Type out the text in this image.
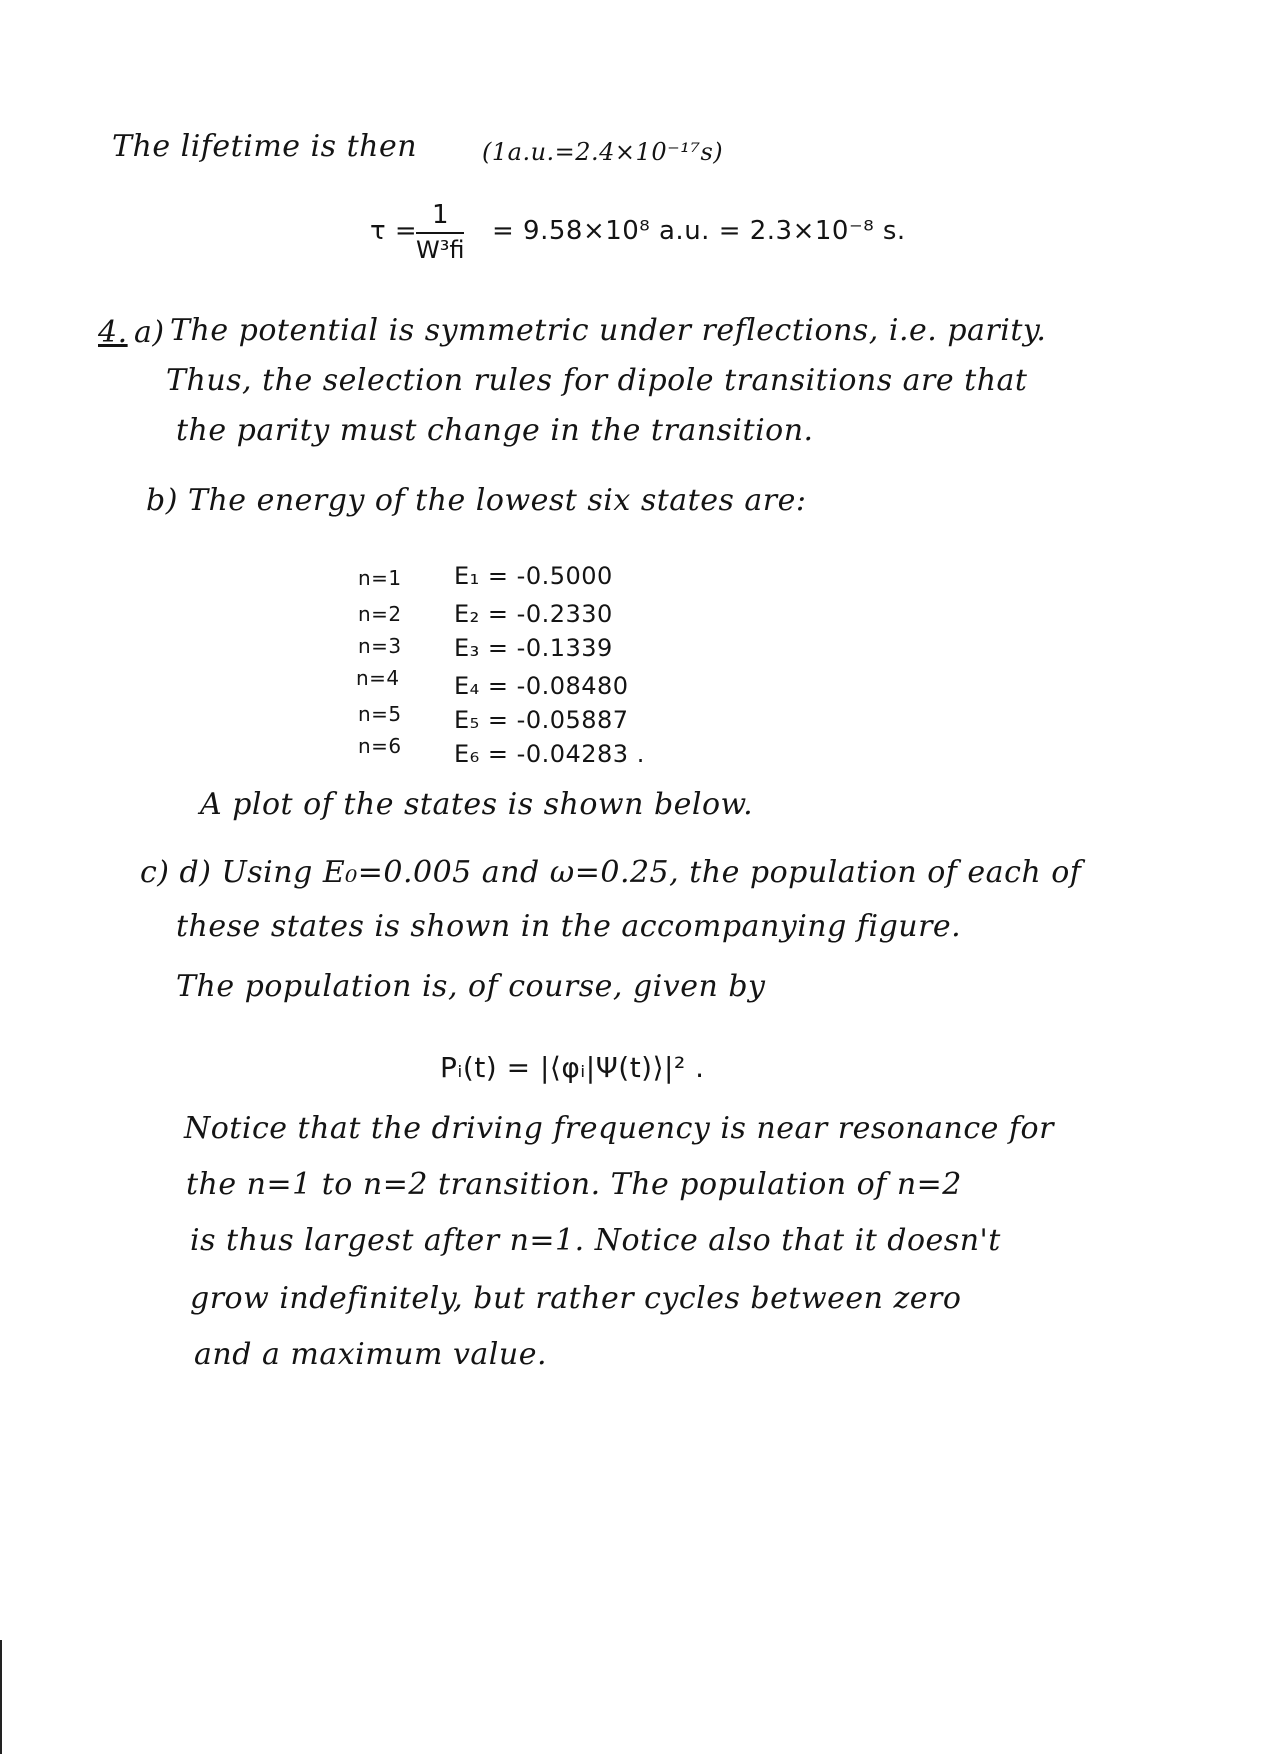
The lifetime is then	(1a.u.=2.4×10⁻¹⁷s)
τ =
$\frac{1}{\text{W³fi}} = 9.58\times 10^8$ a.u. = 2.3×10⁻⁸ s.
4. a) The potential is symmetric under reflections, i.e. parity.
Thus, the selection rules for dipole transitions are that
the parity must change in the transition.
b) The energy of the lowest six states are:
n=1 E₁ = -0.5000
n=2 E₂ = -0.2330
n=3 E₃ = -0.1339
n=4 E₄ = -0.08480
n=5 E₅ = -0.05887
n=6 E₆ = -0.04283 .
A plot of the states is shown below.
c) d) Using E₀=0.005 and ω=0.25, the population of each of
these states is shown in the accompanying figure.
The population is, of course, given by
Pᵢ(t) = |⟨φᵢ|Ψ(t)⟩|² .
Notice that the driving frequency is near resonance for
the n=1 to n=2 transition. The population of n=2
is thus largest after n=1. Notice also that it doesn't
grow indefinitely, but rather cycles between zero
and a maximum value.
